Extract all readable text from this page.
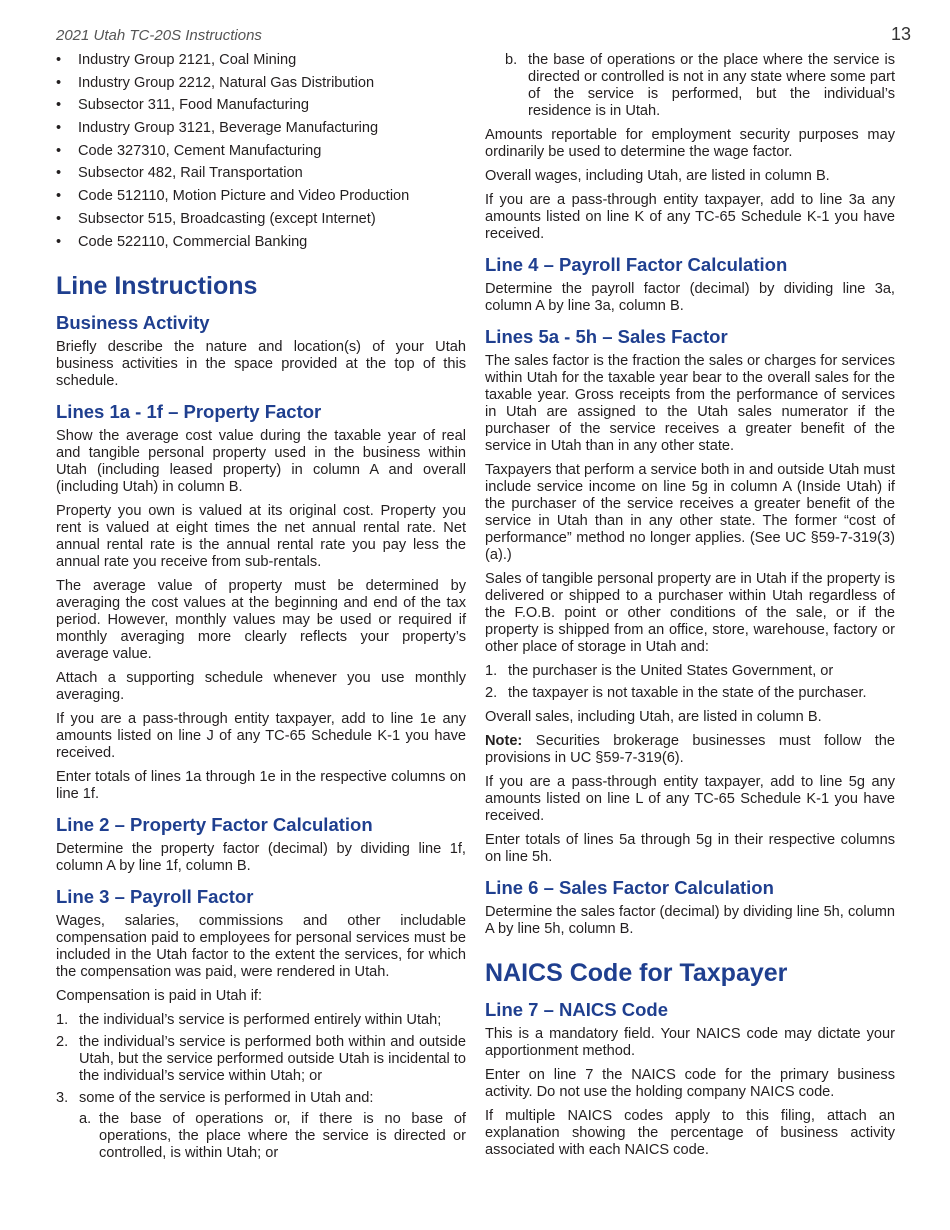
2021 Utah TC-20S Instructions	13
• Industry Group 2121, Coal Mining
• Industry Group 2212, Natural Gas Distribution
• Subsector 311, Food Manufacturing
• Industry Group 3121, Beverage Manufacturing
• Code 327310, Cement Manufacturing
• Subsector 482, Rail Transportation
• Code 512110, Motion Picture and Video Production
• Subsector 515, Broadcasting (except Internet)
• Code 522110, Commercial Banking
Line Instructions
Business Activity

Briefly describe the nature and location(s) of your Utah business activities in the space provided at the top of this schedule.

Lines 1a - 1f – Property Factor

Show the average cost value during the taxable year of real and tangible personal property used in the business within Utah (including leased property) in column A and overall (including Utah) in column B.

Property you own is valued at its original cost. Property you rent is valued at eight times the net annual rental rate. Net annual rental rate is the annual rental rate you pay less the annual rate you receive from sub-rentals.

The average value of property must be determined by averaging the cost values at the beginning and end of the tax period. However, monthly values may be used or required if monthly averaging more clearly reflects your property’s average value.

Attach a supporting schedule whenever you use monthly averaging.

If you are a pass-through entity taxpayer, add to line 1e any amounts listed on line J of any TC-65 Schedule K-1 you have received.

Enter totals of lines 1a through 1e in the respective columns on line 1f.

Line 2 – Property Factor Calculation

Determine the property factor (decimal) by dividing line 1f, column A by line 1f, column B.

Line 3 – Payroll Factor

Wages, salaries, commissions and other includable compensation paid to employees for personal services must be included in the Utah factor to the extent the services, for which the compensation was paid, were rendered in Utah.

Compensation is paid in Utah if:

1. the individual’s service is performed entirely within Utah;
2. the individual’s service is performed both within and outside Utah, but the service performed outside Utah is incidental to the individual’s service within Utah; or
3. some of the service is performed in Utah and:
a. the base of operations or, if there is no base of operations, the place where the service is directed or controlled, is within Utah; or
b. the base of operations or the place where the service is directed or controlled is not in any state where some part of the service is performed, but the individual’s residence is in Utah.

Amounts reportable for employment security purposes may ordinarily be used to determine the wage factor.

Overall wages, including Utah, are listed in column B.

If you are a pass-through entity taxpayer, add to line 3a any amounts listed on line K of any TC-65 Schedule K-1 you have received.

Line 4 – Payroll Factor Calculation

Determine the payroll factor (decimal) by dividing line 3a, column A by line 3a, column B.

Lines 5a - 5h – Sales Factor

The sales factor is the fraction the sales or charges for services within Utah for the taxable year bear to the overall sales for the taxable year. Gross receipts from the performance of services in Utah are assigned to the Utah sales numerator if the purchaser of the service receives a greater benefit of the service in Utah than in any other state.

Taxpayers that perform a service both in and outside Utah must include service income on line 5g in column A (Inside Utah) if the purchaser of the service receives a greater benefit of the service in Utah than in any other state. The former “cost of performance” method no longer applies. (See UC §59-7-319(3)(a).)

Sales of tangible personal property are in Utah if the property is delivered or shipped to a purchaser within Utah regardless of the F.O.B. point or other conditions of the sale, or if the property is shipped from an office, store, warehouse, factory or other place of storage in Utah and:

1. the purchaser is the United States Government, or
2. the taxpayer is not taxable in the state of the purchaser.

Overall sales, including Utah, are listed in column B.

Note: Securities brokerage businesses must follow the provisions in UC §59-7-319(6).

If you are a pass-through entity taxpayer, add to line 5g any amounts listed on line L of any TC-65 Schedule K-1 you have received.

Enter totals of lines 5a through 5g in their respective columns on line 5h.

Line 6 – Sales Factor Calculation

Determine the sales factor (decimal) by dividing line 5h, column A by line 5h, column B.

NAICS Code for Taxpayer
Line 7 – NAICS Code

This is a mandatory field. Your NAICS code may dictate your apportionment method.

Enter on line 7 the NAICS code for the primary business activity. Do not use the holding company NAICS code.

If multiple NAICS codes apply to this filing, attach an explanation showing the percentage of business activity associated with each NAICS code.
